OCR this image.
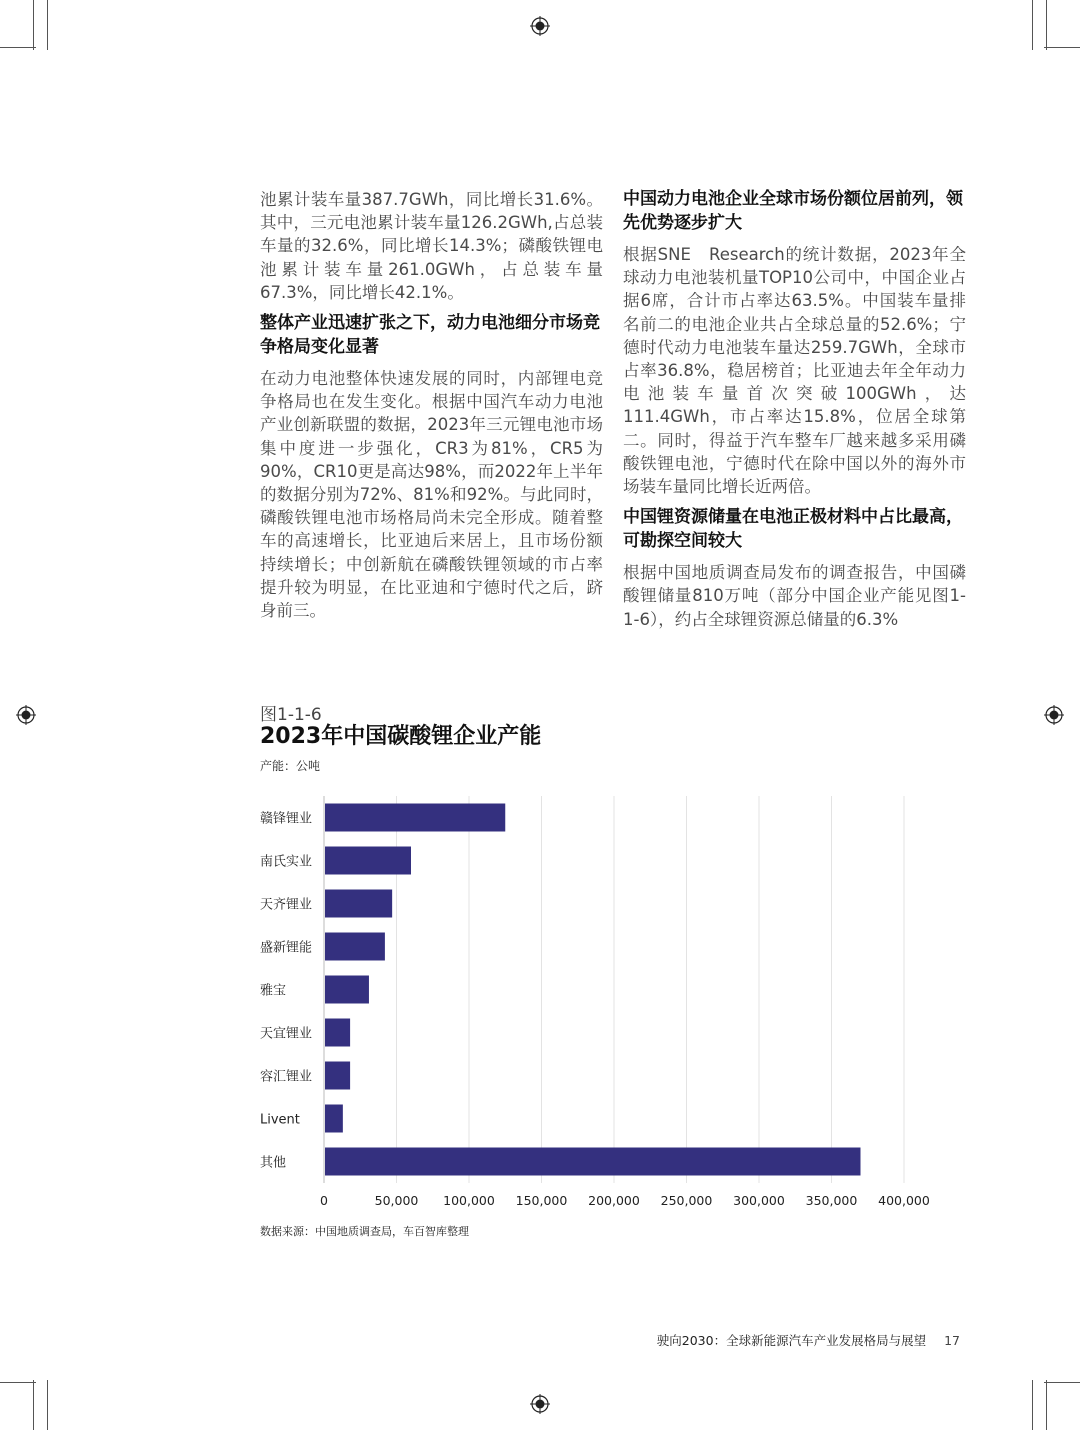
池累计装车量387.7GWh，同比增长31.6%。其中，三元电池累计装车量126.2GWh,占总装车量的32.6%，同比增长14.3%；磷酸铁锂电池累计装车量261.0GWh，占总装车量67.3%，同比增长42.1%。

整体产业迅速扩张之下，动力电池细分市场竞争格局变化显著

在动力电池整体快速发展的同时，内部锂电竞争格局也在发生变化。根据中国汽车动力电池产业创新联盟的数据，2023年三元锂电池市场集中度进一步强化，CR3为81%，CR5为90%，CR10更是高达98%，而2022年上半年的数据分别为72%、81%和92%。与此同时，磷酸铁锂电池市场格局尚未完全形成。随着整车的高速增长，比亚迪后来居上，且市场份额持续增长；中创新航在磷酸铁锂领域的市占率提升较为明显，在比亚迪和宁德时代之后，跻身前三。

中国动力电池企业全球市场份额位居前列，领先优势逐步扩大

根据SNE　Research的统计数据，2023年全球动力电池装机量TOP10公司中，中国企业占据6席，合计市占率达63.5%。中国装车量排名前二的电池企业共占全球总量的52.6%；宁德时代动力电池装车量达259.7GWh，全球市占率36.8%，稳居榜首；比亚迪去年全年动力电池装车量首次突破100GWh，达111.4GWh，市占率达15.8%，位居全球第二。同时，得益于汽车整车厂越来越多采用磷酸铁锂电池，宁德时代在除中国以外的海外市场装车量同比增长近两倍。

中国锂资源储量在电池正极材料中占比最高，可勘探空间较大

根据中国地质调查局发布的调查报告，中国磷酸锂储量810万吨（部分中国企业产能见图1-1-6），约占全球锂资源总储量的6.3%

图1-1-6
2023年中国碳酸锂企业产能
产能：公吨
0	50,000 100,000 150,000 200,000 250,000 300,000 350,000 400,000
赣锋锂业
南氏实业
天齐锂业
盛新锂能
雅宝
天宜锂业
容汇锂业
Livent
其他
数据来源：中国地质调查局，车百智库整理
驶向2030：全球新能源汽车产业发展格局与展望 17
